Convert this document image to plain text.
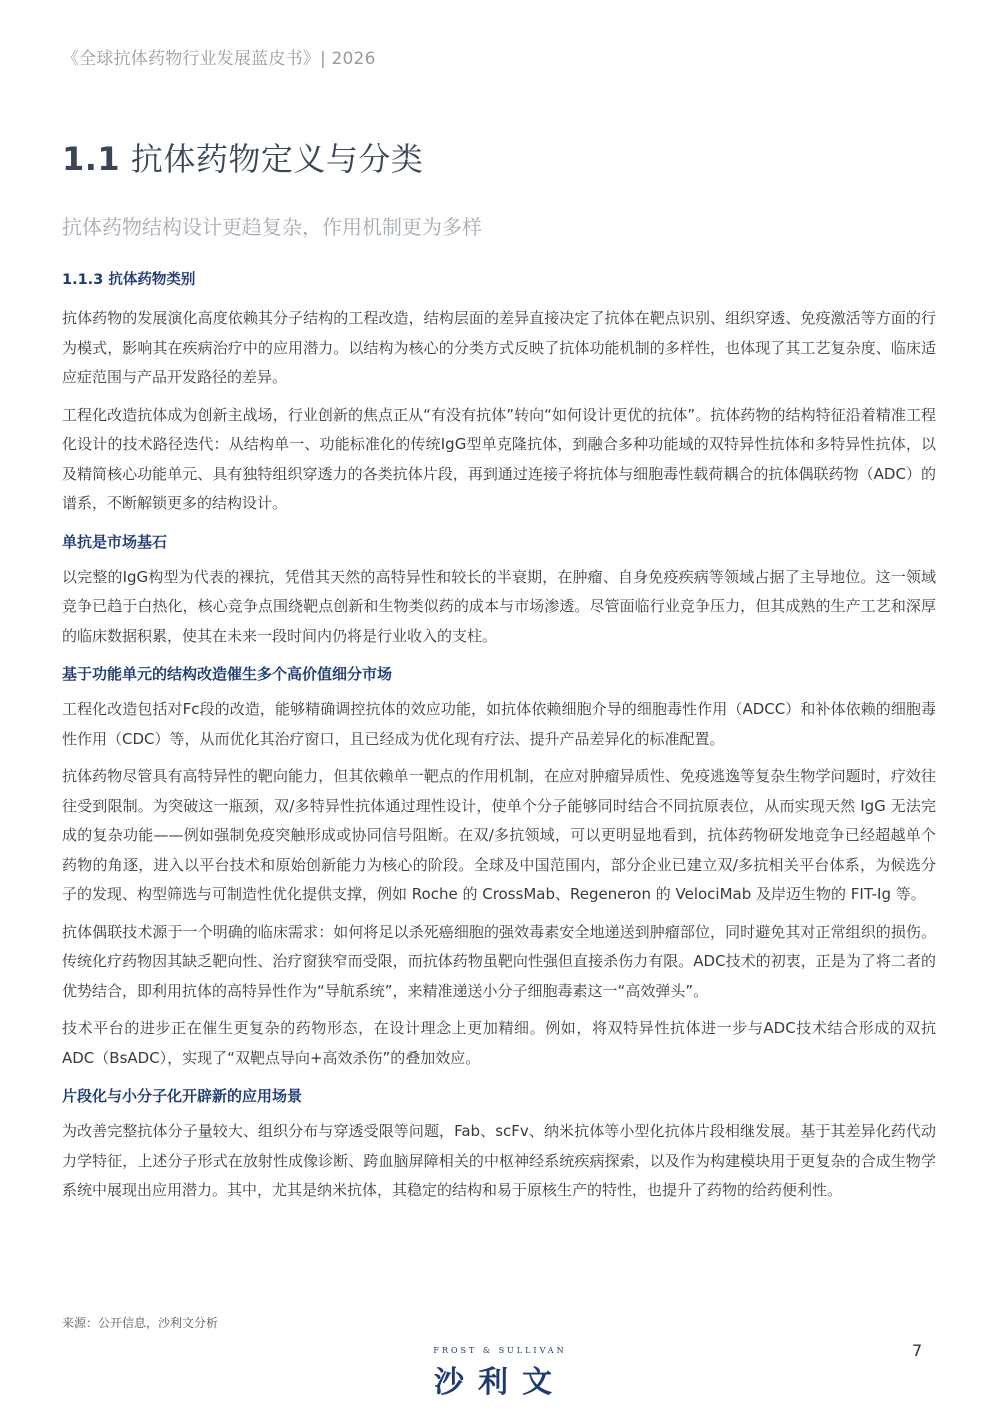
《全球抗体药物行业发展蓝皮书》| 2026
1.1 抗体药物定义与分类
抗体药物结构设计更趋复杂，作用机制更为多样
1.1.3 抗体药物类别
抗体药物的发展演化高度依赖其分子结构的工程改造，结构层面的差异直接决定了抗体在靶点识别、组织穿透、免疫激活等方面的行为模式，影响其在疾病治疗中的应用潜力。以结构为核心的分类方式反映了抗体功能机制的多样性，也体现了其工艺复杂度、临床适应症范围与产品开发路径的差异。
工程化改造抗体成为创新主战场，行业创新的焦点正从“有没有抗体”转向“如何设计更优的抗体”。抗体药物的结构特征沿着精准工程化设计的技术路径迭代：从结构单一、功能标准化的传统IgG型单克隆抗体，到融合多种功能域的双特异性抗体和多特异性抗体，以及精简核心功能单元、具有独特组织穿透力的各类抗体片段，再到通过连接子将抗体与细胞毒性载荷耦合的抗体偶联药物（ADC）的谱系，不断解锁更多的结构设计。
单抗是市场基石
以完整的IgG构型为代表的裸抗，凭借其天然的高特异性和较长的半衰期，在肿瘤、自身免疫疾病等领域占据了主导地位。这一领域竞争已趋于白热化，核心竞争点围绕靶点创新和生物类似药的成本与市场渗透。尽管面临行业竞争压力，但其成熟的生产工艺和深厚的临床数据积累，使其在未来一段时间内仍将是行业收入的支柱。
基于功能单元的结构改造催生多个高价值细分市场
工程化改造包括对Fc段的改造，能够精确调控抗体的效应功能，如抗体依赖细胞介导的细胞毒性作用（ADCC）和补体依赖的细胞毒性作用（CDC）等，从而优化其治疗窗口，且已经成为优化现有疗法、提升产品差异化的标准配置。
抗体药物尽管具有高特异性的靶向能力，但其依赖单一靶点的作用机制，在应对肿瘤异质性、免疫逃逸等复杂生物学问题时，疗效往往受到限制。为突破这一瓶颈，双/多特异性抗体通过理性设计，使单个分子能够同时结合不同抗原表位，从而实现天然 IgG 无法完成的复杂功能——例如强制免疫突触形成或协同信号阻断。在双/多抗领域，可以更明显地看到，抗体药物研发地竞争已经超越单个药物的角逐，进入以平台技术和原始创新能力为核心的阶段。全球及中国范围内，部分企业已建立双/多抗相关平台体系，为候选分子的发现、构型筛选与可制造性优化提供支撑，例如 Roche 的 CrossMab、Regeneron 的 VelociMab 及岸迈生物的 FIT-Ig 等。
抗体偶联技术源于一个明确的临床需求：如何将足以杀死癌细胞的强效毒素安全地递送到肿瘤部位，同时避免其对正常组织的损伤。传统化疗药物因其缺乏靶向性、治疗窗狭窄而受限，而抗体药物虽靶向性强但直接杀伤力有限。ADC技术的初衷，正是为了将二者的优势结合，即利用抗体的高特异性作为“导航系统”，来精准递送小分子细胞毒素这一“高效弹头”。
技术平台的进步正在催生更复杂的药物形态，在设计理念上更加精细。例如，将双特异性抗体进一步与ADC技术结合形成的双抗 ADC（BsADC），实现了“双靶点导向+高效杀伤”的叠加效应。
片段化与小分子化开辟新的应用场景
为改善完整抗体分子量较大、组织分布与穿透受限等问题，Fab、scFv、纳米抗体等小型化抗体片段相继发展。基于其差异化药代动力学特征，上述分子形式在放射性成像诊断、跨血脑屏障相关的中枢神经系统疾病探索，以及作为构建模块用于更复杂的合成生物学系统中展现出应用潜力。其中，尤其是纳米抗体，其稳定的结构和易于原核生产的特性，也提升了药物的给药便利性。
来源：公开信息，沙利文分析
FROST & SULLIVAN
沙利文
7
